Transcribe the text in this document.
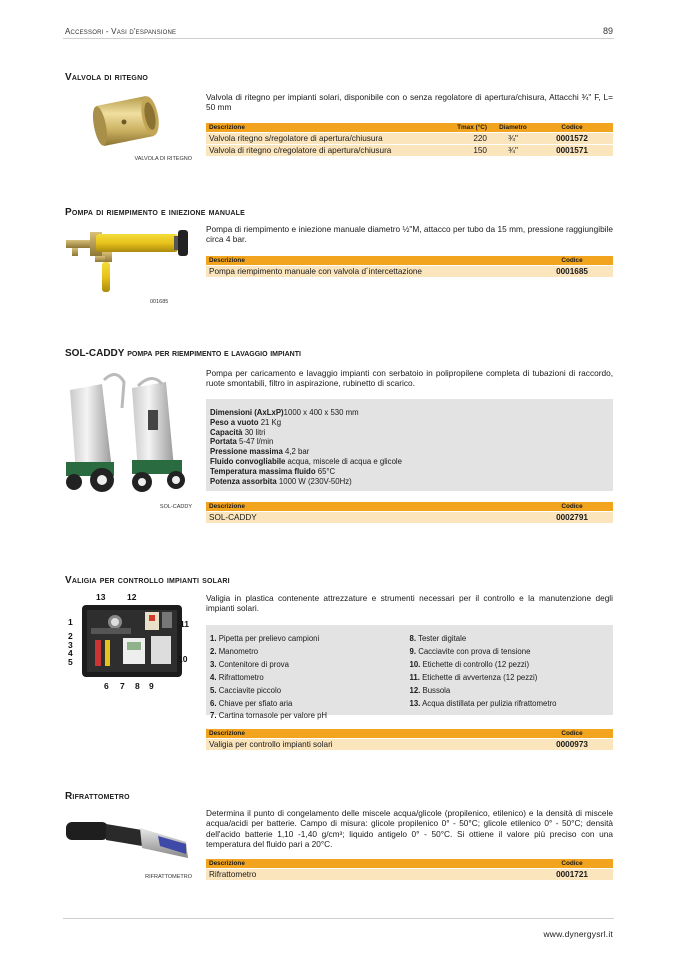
Accessori - Vasi d'espansione	89
Valvola di ritegno
VALVOLA DI RITEGNO
Valvola di ritegno per impianti solari, disponibile con o senza regolatore di apertura/chisura, Attacchi ¾" F, L= 50 mm
Descrizione	Tmax (°C)	Diametro	Codice
Valvola ritegno s/regolatore di apertura/chiusura	220	¾"	0001572
Valvola di ritegno c/regolatore di apertura/chiusura	150	¾"	0001571
Pompa di riempimento e iniezione manuale
001685
Pompa di riempimento e iniezione manuale diametro ½"M, attacco per tubo da 15 mm, pressione raggiungibile circa 4 bar.
Descrizione	Codice
Pompa riempimento manuale con valvola d´intercettazione	0001685
SOL-CADDY pompa per riempimento e lavaggio impianti
SOL-CADDY
Pompa per caricamento e lavaggio impianti con serbatoio in polipropilene completa di tubazioni di raccordo, ruote smontabili, filtro in aspirazione, rubinetto di scarico.
Dimensioni (AxLxP)1000 x 400 x 530 mm
Peso a vuoto 21 Kg
Capacità 30 litri
Portata 5-47 l/min
Pressione massima 4,2 bar
Fluido convogliabile acqua, miscele di acqua e glicole
Temperatura massima fluido 65°C
Potenza assorbita 1000 W (230V-50Hz)
Descrizione	Codice
SOL-CADDY	0002791
Valigia per controllo impianti solari
13	12
11
1
2
3
4
5	10
6 7 8 9
Valigia in plastica contenente attrezzature e strumenti necessari per il controllo e la manutenzione degli impianti solari.
1. Pipetta per prelievo campioni
2. Manometro
3. Contenitore di prova
4. Rifrattometro
5. Cacciavite piccolo
6. Chiave per sfiato aria
7. Cartina tornasole per valore pH
8. Tester digitale
9. Cacciavite con prova di tensione
10. Etichette di controllo (12 pezzi)
11. Etichette di avvertenza (12 pezzi)
12. Bussola
13. Acqua distillata per pulizia rifrattometro
Descrizione	Codice
Valigia per controllo impianti solari	0000973
Rifrattometro
RIFRATTOMETRO
Determina il punto di congelamento delle miscele acqua/glicole (propilenico, etilenico) e la densità di miscele acqua/acidi per batterie. Campo di misura: glicole propilenico 0° - 50°C; glicole etilenico 0° - 50°C; densità dell'acido batterie 1,10 -1,40 g/cm³; liquido antigelo 0° - 50°C. Si ottiene il valore più preciso con una temperatura del fluido pari a 20°C.
Descrizione	Codice
Rifrattometro	0001721
www.dynergysrl.it
